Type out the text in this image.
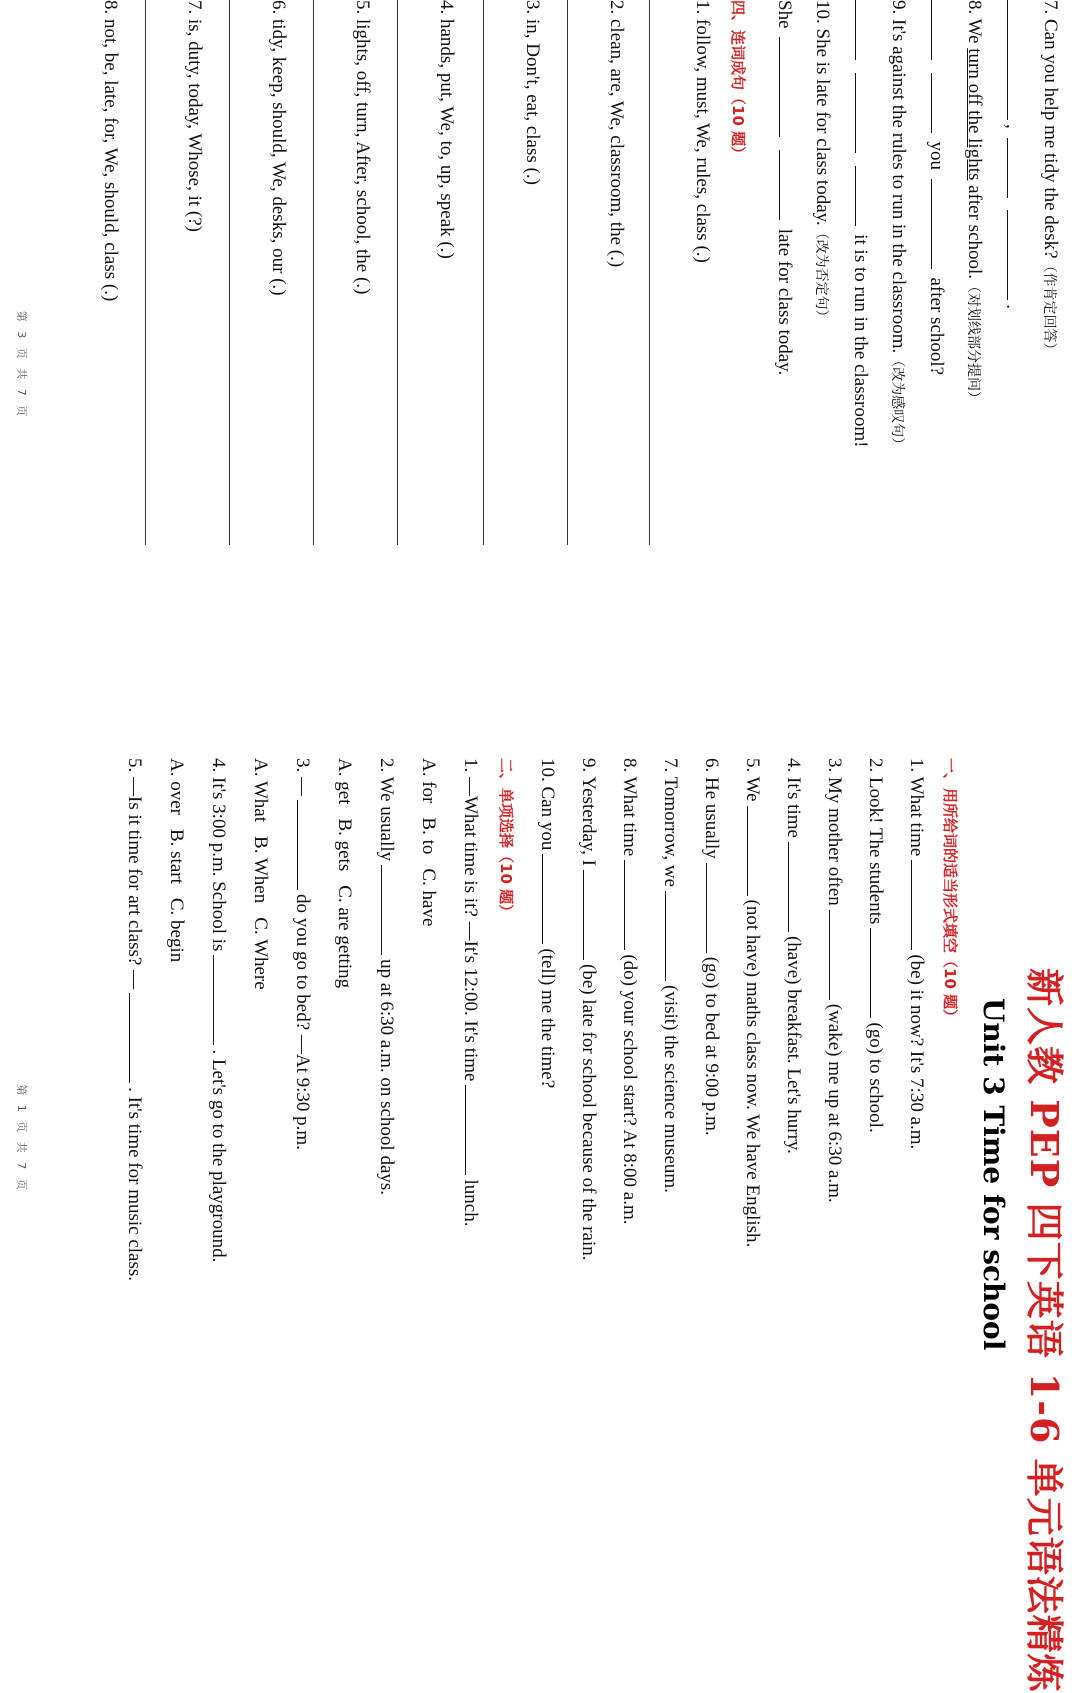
7. Can you help me tidy the desk?（作肯定回答）
,  .
8. We turn off the lights after school.（对划线部分提问）
you  after school?
9. It's against the rules to run in the classroom.（改为感叹句）
it is to run in the classroom!
10. She is late for class today.（改为否定句）
She   late for class today.
四、连词成句（10 题）
1. follow, must, We, rules, class (.)
2. clean, are, We, classroom, the (.)
3. in, Don't, eat, class (.)
4. hands, put, We, to, up, speak (.)
5. lights, off, turn, After, school, the (.)
6. tidy, keep, should, We, desks, our (.)
7. is, duty, today, Whose, it (?)
8. not, be, late, for, We, should, class (.)
第 3 页 共 7 页
新人教 PEP 四下英语 1-6 单元语法精炼
Unit 3 Time for school
一、用所给词的适当形式填空（10 题）
1. What time(be) it now? It's 7:30 a.m.
2. Look! The students(go) to school.
3. My mother often(wake) me up at 6:30 a.m.
4. It's time(have) breakfast. Let's hurry.
5. We(not have) maths class now. We have English.
6. He usually(go) to bed at 9:00 p.m.
7. Tomorrow, we(visit) the science museum.
8. What time(do) your school start? At 8:00 a.m.
9. Yesterday, I(be) late for school because of the rain.
10. Can you(tell) me the time?
二、单项选择（10 题）
1. —What time is it? —It's 12:00. It's timelunch.
A. forB. toC. have
2. We usuallyup at 6:30 a.m. on school days.
A. getB. getsC. are getting
3. —do you go to bed? —At 9:30 p.m.
A. WhatB. WhenC. Where
4. It's 3:00 p.m. School is. Let's go to the playground.
A. overB. startC. begin
5. —Is it time for art class? —. It's time for music class.
第 1 页 共 7 页
